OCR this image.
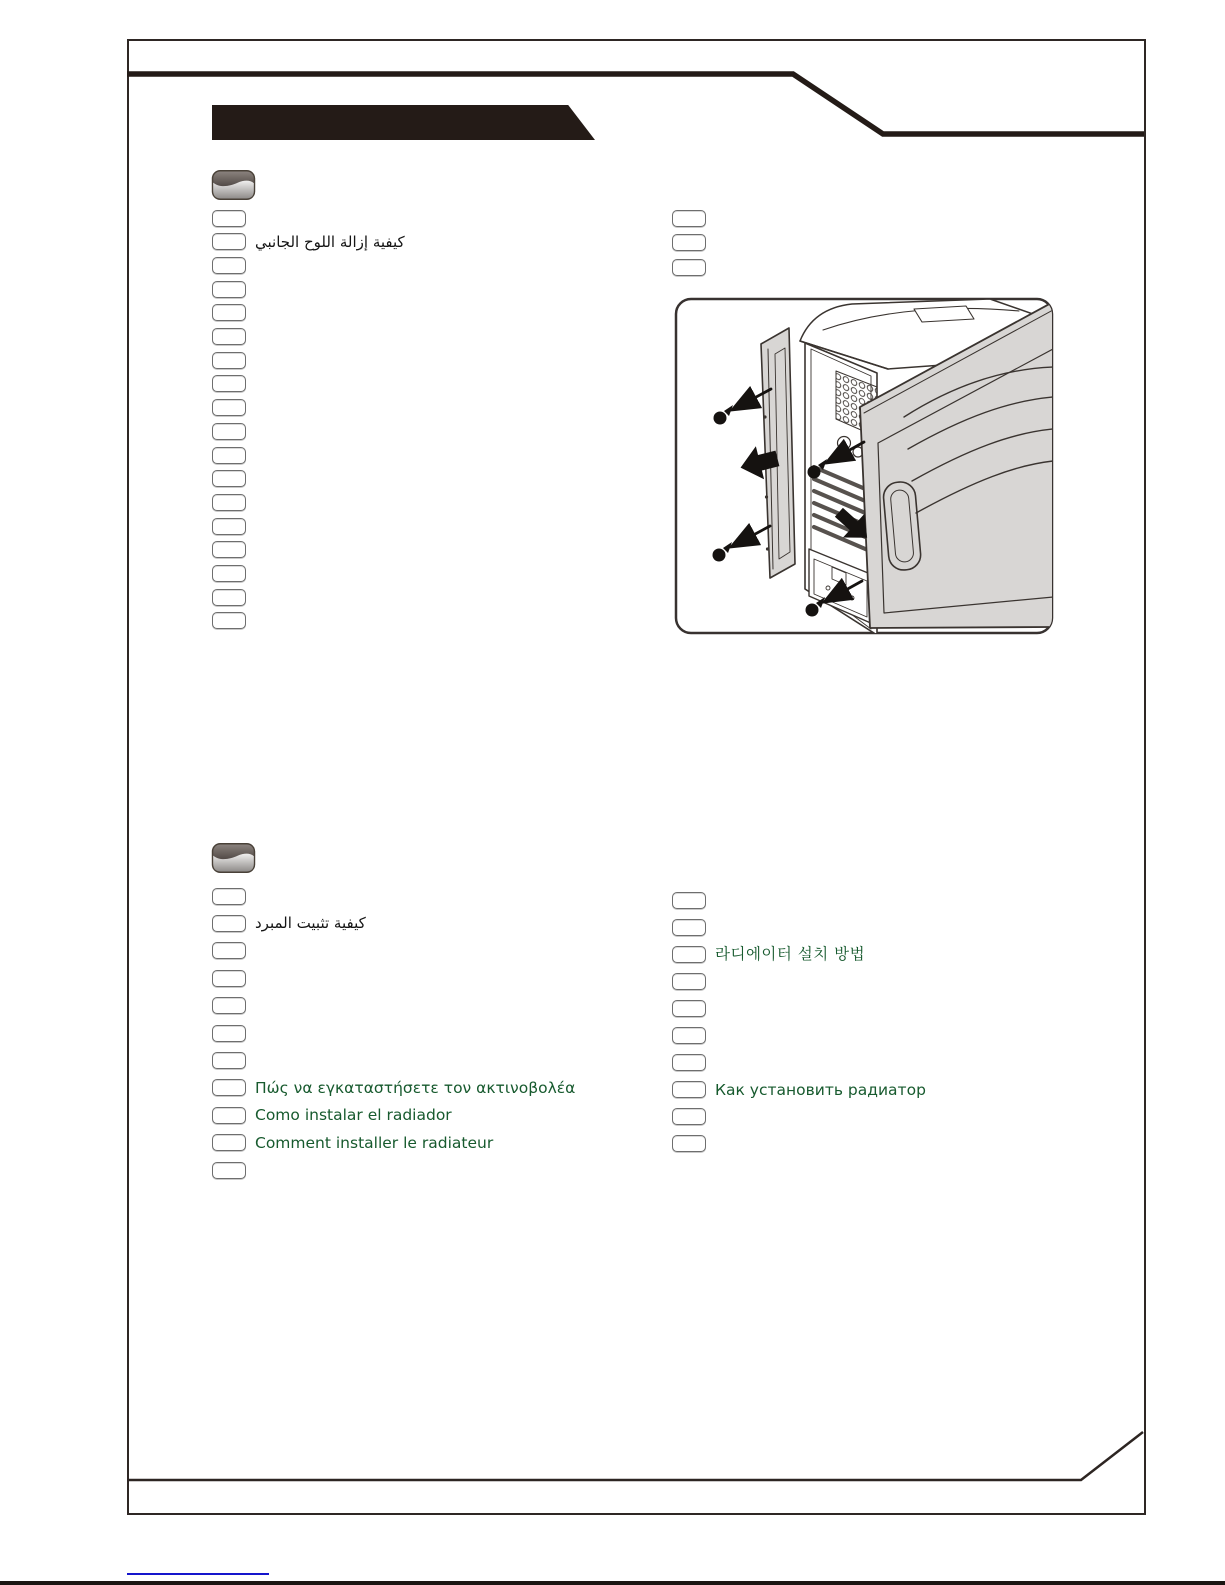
كيفية إزالة اللوح الجانبي
كيفية تثبيت المبرد
Πώς να εγκαταστήσετε τον ακτινοβολέα
Como instalar el radiador
Comment installer le radiateur
라디에이터 설치 방법
Как установить радиатор
